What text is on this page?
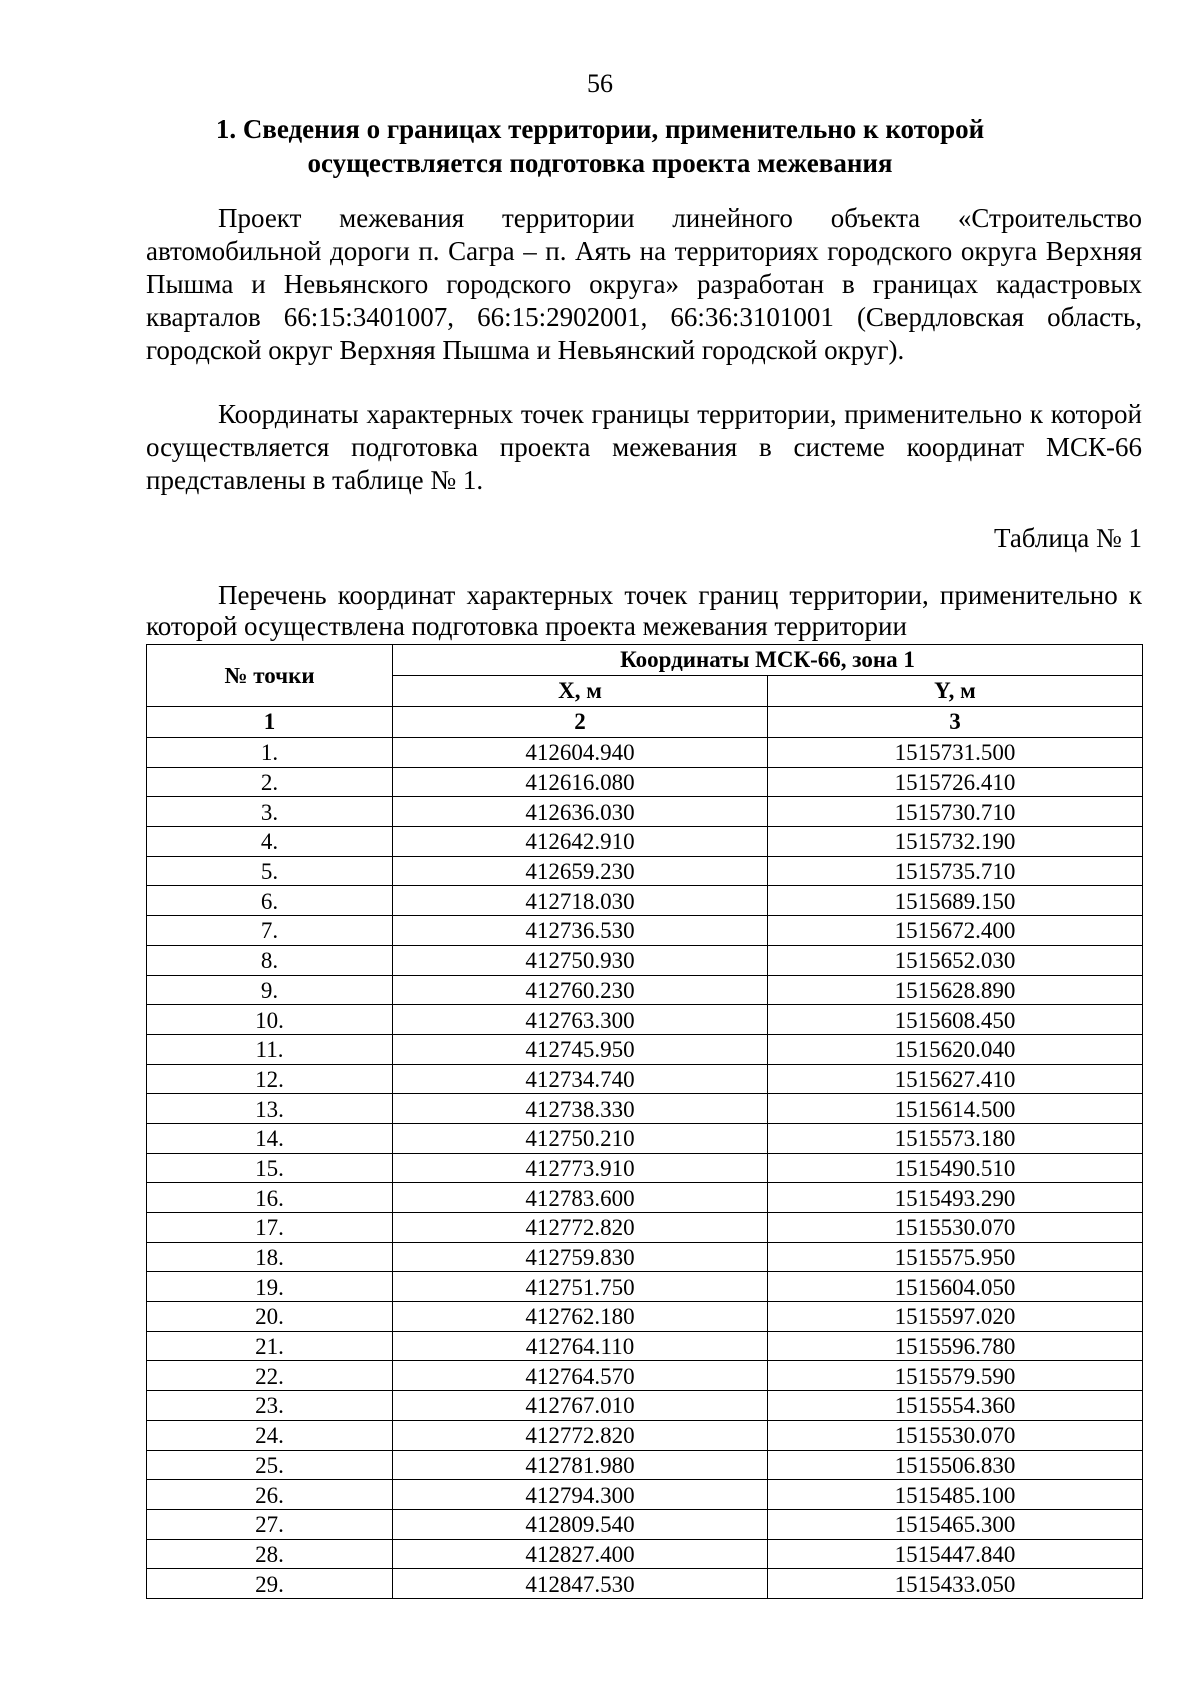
56
1. Сведения о границах территории, применительно к которой
осуществляется подготовка проекта межевания

Проект межевания территории линейного объекта «Строительство автомобильной дороги п. Сагра – п. Аять на территориях городского округа Верхняя Пышма и Невьянского городского округа» разработан в границах кадастровых кварталов 66:15:3401007, 66:15:2902001, 66:36:3101001 (Свердловская область, городской округ Верхняя Пышма и Невьянский городской округ).

Координаты характерных точек границы территории, применительно к которой осуществляется подготовка проекта межевания в системе координат МСК-66 представлены в таблице № 1.

Таблица № 1

Перечень координат характерных точек границ территории, применительно к которой осуществлена подготовка проекта межевания территории

№ точки	Координаты МСК-66, зона 1	
	X, м	Y, м
1	2	3
1.	412604.940	1515731.500
2.	412616.080	1515726.410
3.	412636.030	1515730.710
4.	412642.910	1515732.190
5.	412659.230	1515735.710
6.	412718.030	1515689.150
7.	412736.530	1515672.400
8.	412750.930	1515652.030
9.	412760.230	1515628.890
10.	412763.300	1515608.450
11.	412745.950	1515620.040
12.	412734.740	1515627.410
13.	412738.330	1515614.500
14.	412750.210	1515573.180
15.	412773.910	1515490.510
16.	412783.600	1515493.290
17.	412772.820	1515530.070
18.	412759.830	1515575.950
19.	412751.750	1515604.050
20.	412762.180	1515597.020
21.	412764.110	1515596.780
22.	412764.570	1515579.590
23.	412767.010	1515554.360
24.	412772.820	1515530.070
25.	412781.980	1515506.830
26.	412794.300	1515485.100
27.	412809.540	1515465.300
28.	412827.400	1515447.840
29.	412847.530	1515433.050
